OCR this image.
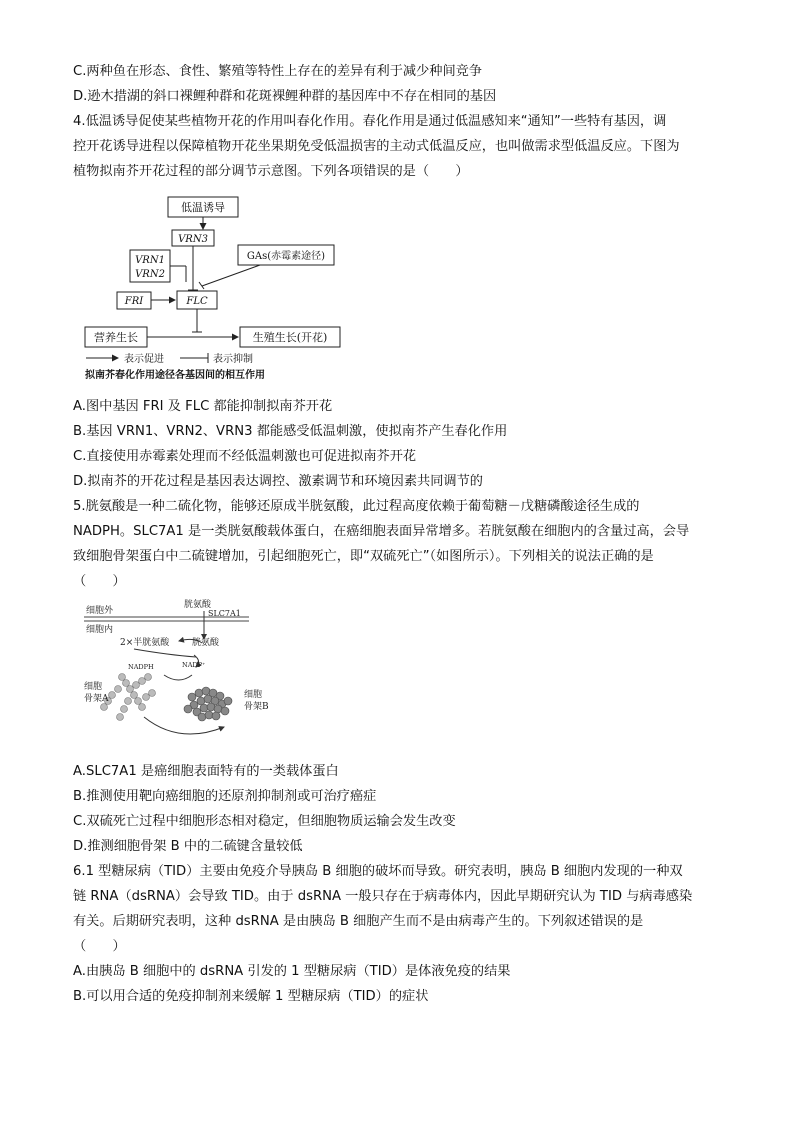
C.两种鱼在形态、食性、繁殖等特性上存在的差异有利于减少种间竞争
D.逊木措湖的斜口裸鲤种群和花斑裸鲤种群的基因库中不存在相同的基因
4.低温诱导促使某些植物开花的作用叫春化作用。春化作用是通过低温感知来“通知”一些特有基因，调
控开花诱导进程以保障植物开花坐果期免受低温损害的主动式低温反应，也叫做需求型低温反应。下图为
植物拟南芥开花过程的部分调节示意图。下列各项错误的是（　　）
低温诱导
VRN3
VRN1
VRN2
GAs(赤霉素途径)
FRI	FLC
营养生长	生殖生长(开花)
表示促进	表示抑制
拟南芥春化作用途径各基因间的相互作用
A.图中基因 FRI 及 FLC 都能抑制拟南芥开花
B.基因 VRN1、VRN2、VRN3 都能感受低温刺激，使拟南芥产生春化作用
C.直接使用赤霉素处理而不经低温刺激也可促进拟南芥开花
D.拟南芥的开花过程是基因表达调控、激素调节和环境因素共同调节的
5.胱氨酸是一种二硫化物，能够还原成半胱氨酸，此过程高度依赖于葡萄糖－戊糖磷酸途径生成的
NADPH。SLC7A1 是一类胱氨酸载体蛋白，在癌细胞表面异常增多。若胱氨酸在细胞内的含量过高，会导
致细胞骨架蛋白中二硫键增加，引起细胞死亡，即“双硫死亡”（如图所示）。下列相关的说法正确的是
（　　）
细胞外
细胞内
胱氨酸
SLC7A1
2×半胱氨酸	胱氨酸
NADPH	NADP⁺
细胞
骨架A	细胞
骨架B
A.SLC7A1 是癌细胞表面特有的一类载体蛋白
B.推测使用靶向癌细胞的还原剂抑制剂或可治疗癌症
C.双硫死亡过程中细胞形态相对稳定，但细胞物质运输会发生改变
D.推测细胞骨架 B 中的二硫键含量较低
6.1 型糖尿病（TID）主要由免疫介导胰岛 B 细胞的破坏而导致。研究表明，胰岛 B 细胞内发现的一种双
链 RNA（dsRNA）会导致 TID。由于 dsRNA 一般只存在于病毒体内，因此早期研究认为 TID 与病毒感染
有关。后期研究表明，这种 dsRNA 是由胰岛 B 细胞产生而不是由病毒产生的。下列叙述错误的是
（　　）
A.由胰岛 B 细胞中的 dsRNA 引发的 1 型糖尿病（TID）是体液免疫的结果
B.可以用合适的免疫抑制剂来缓解 1 型糖尿病（TID）的症状
